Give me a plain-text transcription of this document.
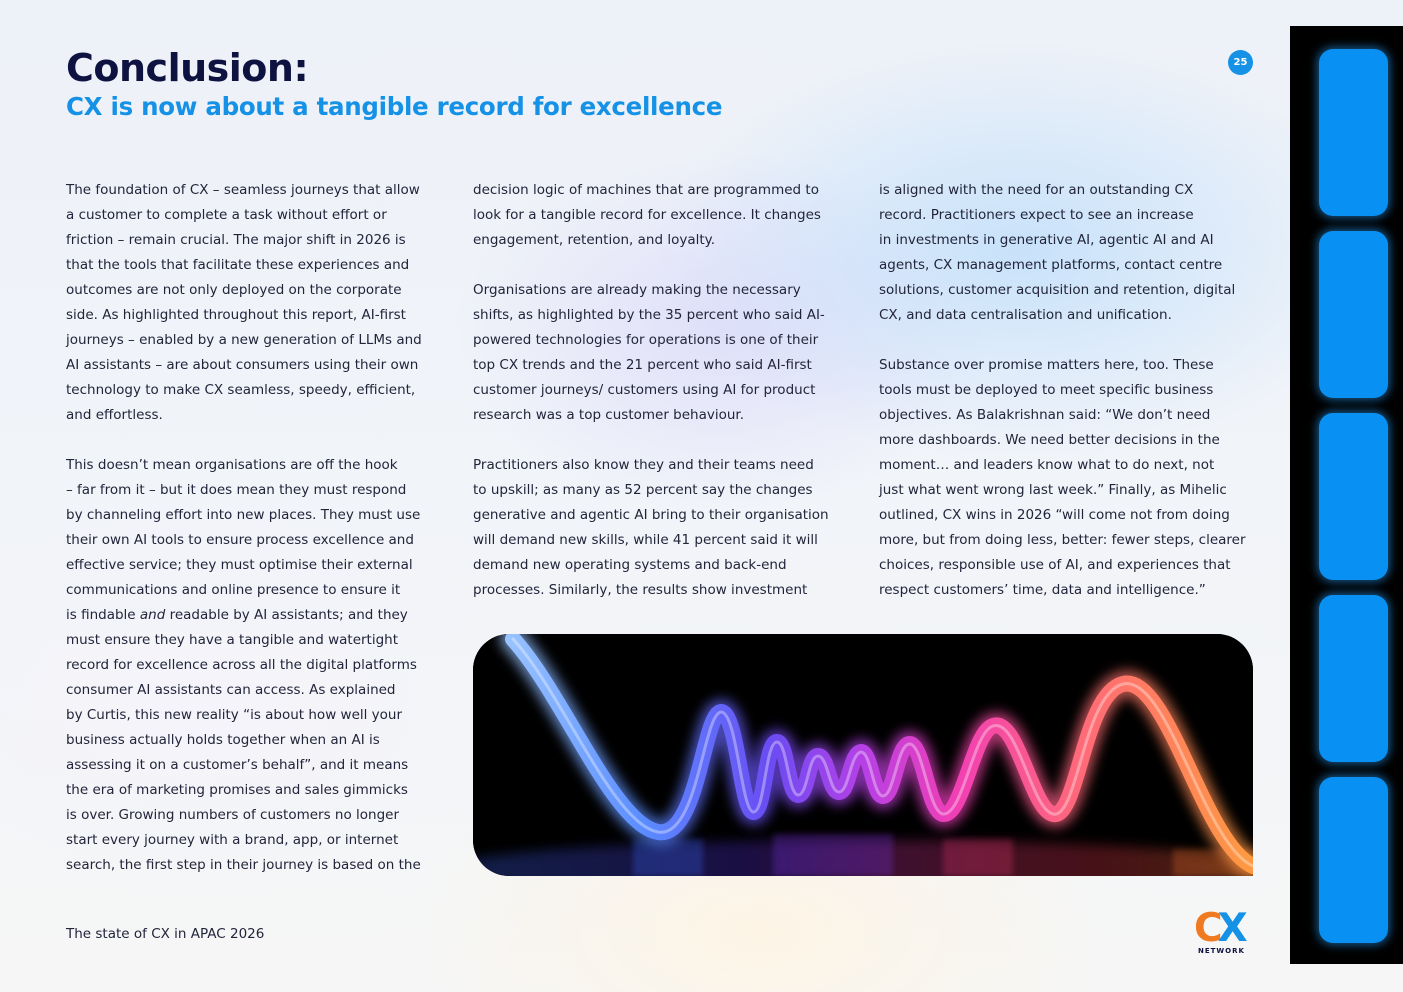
Conclusion:
CX is now about a tangible record for excellence
25

The foundation of CX – seamless journeys that allow
a customer to complete a task without effort or
friction – remain crucial. The major shift in 2026 is
that the tools that facilitate these experiences and
outcomes are not only deployed on the corporate
side. As highlighted throughout this report, AI-first
journeys – enabled by a new generation of LLMs and
AI assistants – are about consumers using their own
technology to make CX seamless, speedy, efficient,
and effortless.

This doesn’t mean organisations are off the hook
– far from it – but it does mean they must respond
by channeling effort into new places. They must use
their own AI tools to ensure process excellence and
effective service; they must optimise their external
communications and online presence to ensure it
is findable and readable by AI assistants; and they
must ensure they have a tangible and watertight
record for excellence across all the digital platforms
consumer AI assistants can access. As explained
by Curtis, this new reality “is about how well your
business actually holds together when an AI is
assessing it on a customer’s behalf”, and it means
the era of marketing promises and sales gimmicks
is over. Growing numbers of customers no longer
start every journey with a brand, app, or internet
search, the first step in their journey is based on the

decision logic of machines that are programmed to
look for a tangible record for excellence. It changes
engagement, retention, and loyalty.

Organisations are already making the necessary
shifts, as highlighted by the 35 percent who said AI-
powered technologies for operations is one of their
top CX trends and the 21 percent who said AI-first
customer journeys/ customers using AI for product
research was a top customer behaviour.

Practitioners also know they and their teams need
to upskill; as many as 52 percent say the changes
generative and agentic AI bring to their organisation
will demand new skills, while 41 percent said it will
demand new operating systems and back-end
processes. Similarly, the results show investment

is aligned with the need for an outstanding CX
record. Practitioners expect to see an increase
in investments in generative AI, agentic AI and AI
agents, CX management platforms, contact centre
solutions, customer acquisition and retention, digital
CX, and data centralisation and unification.

Substance over promise matters here, too. These
tools must be deployed to meet specific business
objectives. As Balakrishnan said: “We don’t need
more dashboards. We need better decisions in the
moment… and leaders know what to do next, not
just what went wrong last week.” Finally, as Mihelic
outlined, CX wins in 2026 “will come not from doing
more, but from doing less, better: fewer steps, clearer
choices, responsible use of AI, and experiences that
respect customers’ time, data and intelligence.”

The state of CX in APAC 2026	CX
NETWORK
